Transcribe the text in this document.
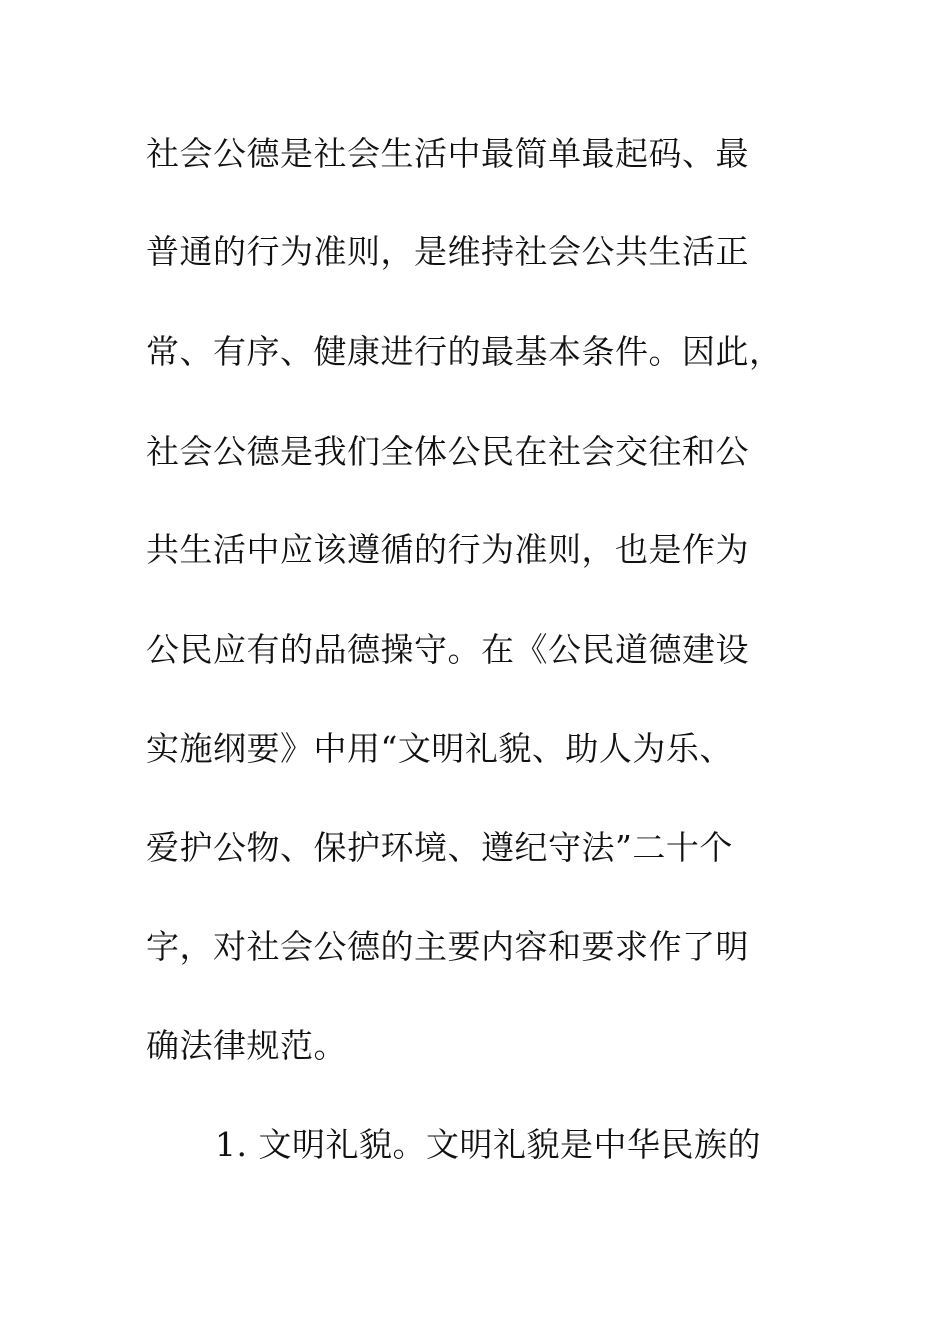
社会公德是社会生活中最简单最起码、最
普通的行为准则，是维持社会公共生活正
常、有序、健康进行的最基本条件。因此，
社会公德是我们全体公民在社会交往和公
共生活中应该遵循的行为准则，也是作为
公民应有的品德操守。在《公民道德建设
实施纲要》中用“文明礼貌、助人为乐、
爱护公物、保护环境、遵纪守法”二十个
字，对社会公德的主要内容和要求作了明
确法律规范。
1. 文明礼貌。文明礼貌是中华民族的
